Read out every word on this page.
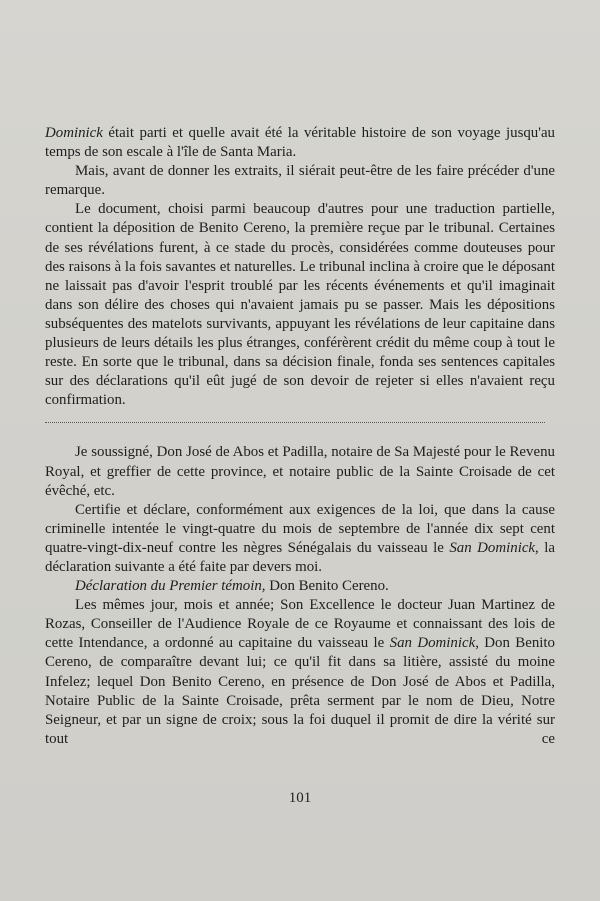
Dominick était parti et quelle avait été la véritable histoire de son voyage jusqu'au temps de son escale à l'île de Santa Maria.

Mais, avant de donner les extraits, il siérait peut-être de les faire précéder d'une remarque.

Le document, choisi parmi beaucoup d'autres pour une traduction partielle, contient la déposition de Benito Cereno, la première reçue par le tribunal. Certaines de ses révélations furent, à ce stade du procès, considérées comme douteuses pour des raisons à la fois savantes et naturelles. Le tribunal inclina à croire que le déposant ne laissait pas d'avoir l'esprit troublé par les récents événements et qu'il imaginait dans son délire des choses qui n'avaient jamais pu se passer. Mais les dépositions subséquentes des matelots survivants, appuyant les révélations de leur capitaine dans plusieurs de leurs détails les plus étranges, conférèrent crédit du même coup à tout le reste. En sorte que le tribunal, dans sa décision finale, fonda ses sentences capitales sur des déclarations qu'il eût jugé de son devoir de rejeter si elles n'avaient reçu confirmation.

Je soussigné, Don José de Abos et Padilla, notaire de Sa Majesté pour le Revenu Royal, et greffier de cette province, et notaire public de la Sainte Croisade de cet évêché, etc.

Certifie et déclare, conformément aux exigences de la loi, que dans la cause criminelle intentée le vingt-quatre du mois de septembre de l'année dix sept cent quatre-vingt-dix-neuf contre les nègres Sénégalais du vaisseau le San Dominick, la déclaration suivante a été faite par devers moi.

Déclaration du Premier témoin, Don Benito Cereno.

Les mêmes jour, mois et année; Son Excellence le docteur Juan Martinez de Rozas, Conseiller de l'Audience Royale de ce Royaume et connaissant des lois de cette Intendance, a ordonné au capitaine du vaisseau le San Dominick, Don Benito Cereno, de comparaître devant lui; ce qu'il fit dans sa litière, assisté du moine Infelez; lequel Don Benito Cereno, en présence de Don José de Abos et Padilla, Notaire Public de la Sainte Croisade, prêta serment par le nom de Dieu, Notre Seigneur, et par un signe de croix; sous la foi duquel il promit de dire la vérité sur tout ce

101
